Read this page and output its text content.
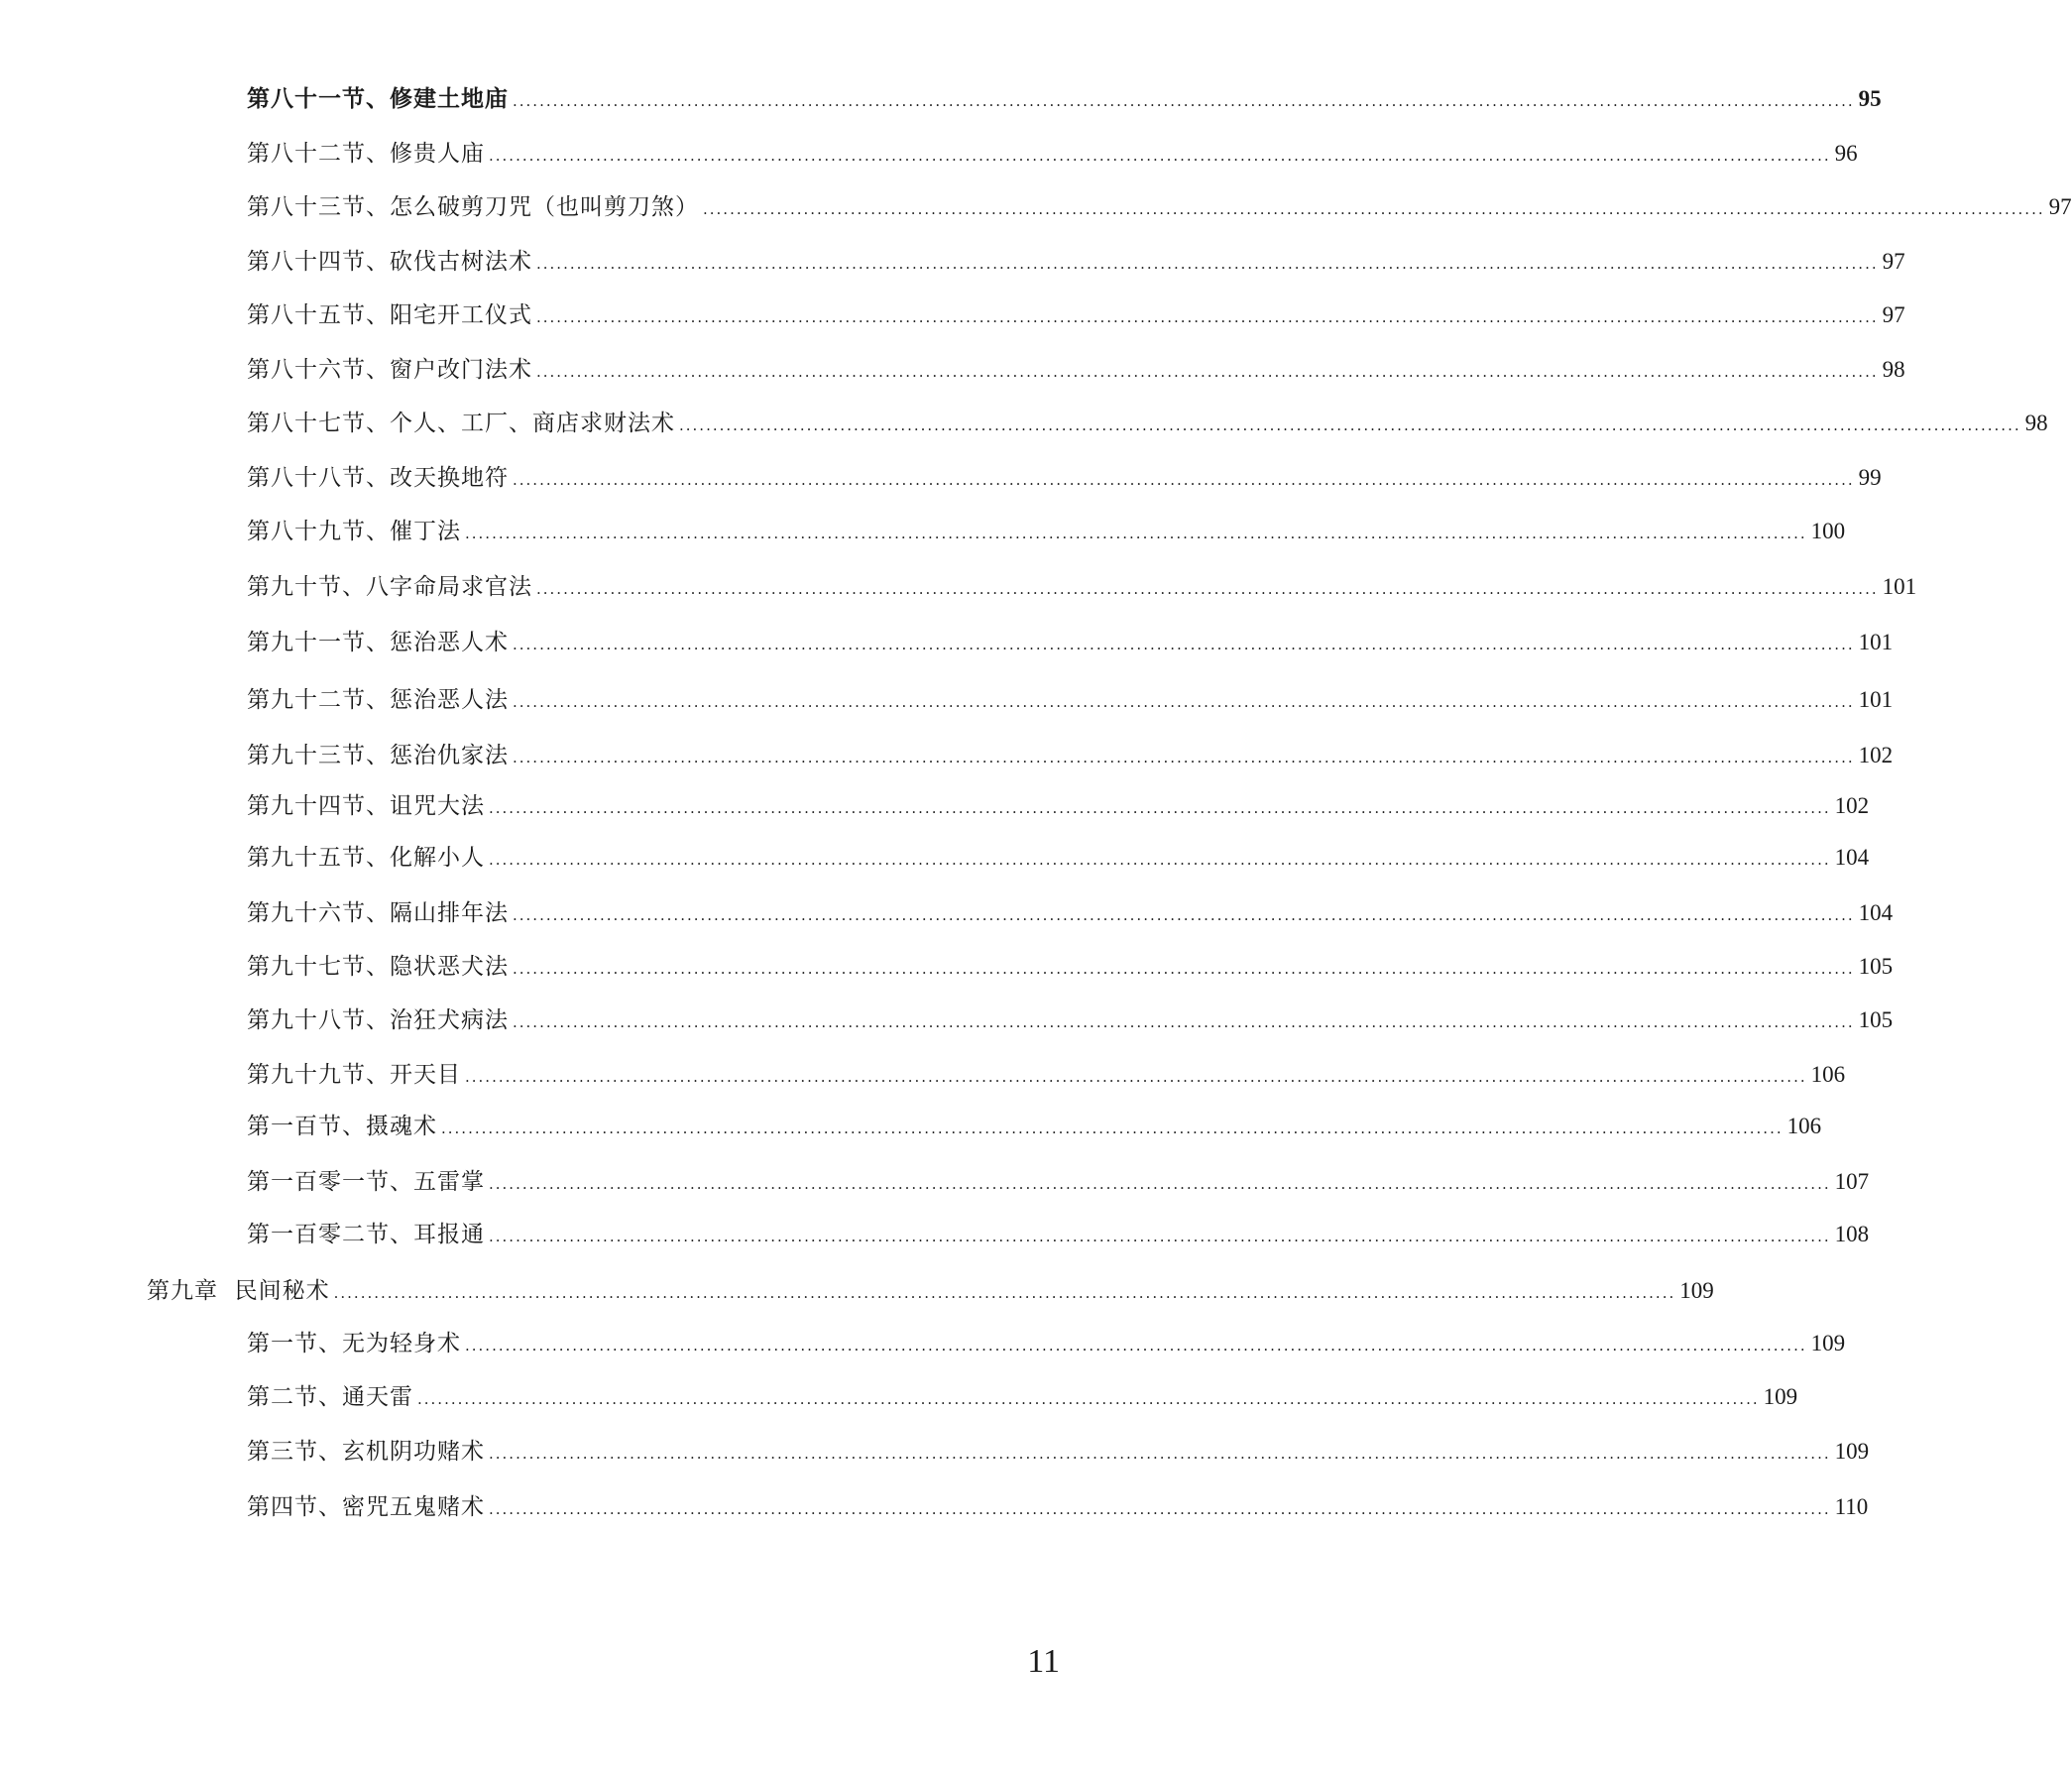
第八十一节、修建土地庙 ........................................................................................................................................................................................................ 95
第八十二节、修贵人庙 ........................................................................................................................................................................................................ 96
第八十三节、怎么破剪刀咒（也叫剪刀煞） ........................................................................................................................................................................................................ 97
第八十四节、砍伐古树法术 ........................................................................................................................................................................................................ 97
第八十五节、阳宅开工仪式 ........................................................................................................................................................................................................ 97
第八十六节、窗户改门法术 ........................................................................................................................................................................................................ 98
第八十七节、个人、工厂、商店求财法术 ........................................................................................................................................................................................................ 98
第八十八节、改天换地符 ........................................................................................................................................................................................................ 99
第八十九节、催丁法 ........................................................................................................................................................................................................ 100
第九十节、八字命局求官法 ........................................................................................................................................................................................................ 101
第九十一节、惩治恶人术 ........................................................................................................................................................................................................ 101
第九十二节、惩治恶人法 ........................................................................................................................................................................................................ 101
第九十三节、惩治仇家法 ........................................................................................................................................................................................................ 102
第九十四节、诅咒大法 ........................................................................................................................................................................................................ 102
第九十五节、化解小人 ........................................................................................................................................................................................................ 104
第九十六节、隔山排年法 ........................................................................................................................................................................................................ 104
第九十七节、隐状恶犬法 ........................................................................................................................................................................................................ 105
第九十八节、治狂犬病法 ........................................................................................................................................................................................................ 105
第九十九节、开天目 ........................................................................................................................................................................................................ 106
第一百节、摄魂术 ........................................................................................................................................................................................................ 106
第一百零一节、五雷掌 ........................................................................................................................................................................................................ 107
第一百零二节、耳报通 ........................................................................................................................................................................................................ 108
第九章  民间秘术 ........................................................................................................................................................................................................ 109
第一节、无为轻身术 ........................................................................................................................................................................................................ 109
第二节、通天雷 ........................................................................................................................................................................................................ 109
第三节、玄机阴功赌术 ........................................................................................................................................................................................................ 109
第四节、密咒五鬼赌术 ........................................................................................................................................................................................................ 110
11
